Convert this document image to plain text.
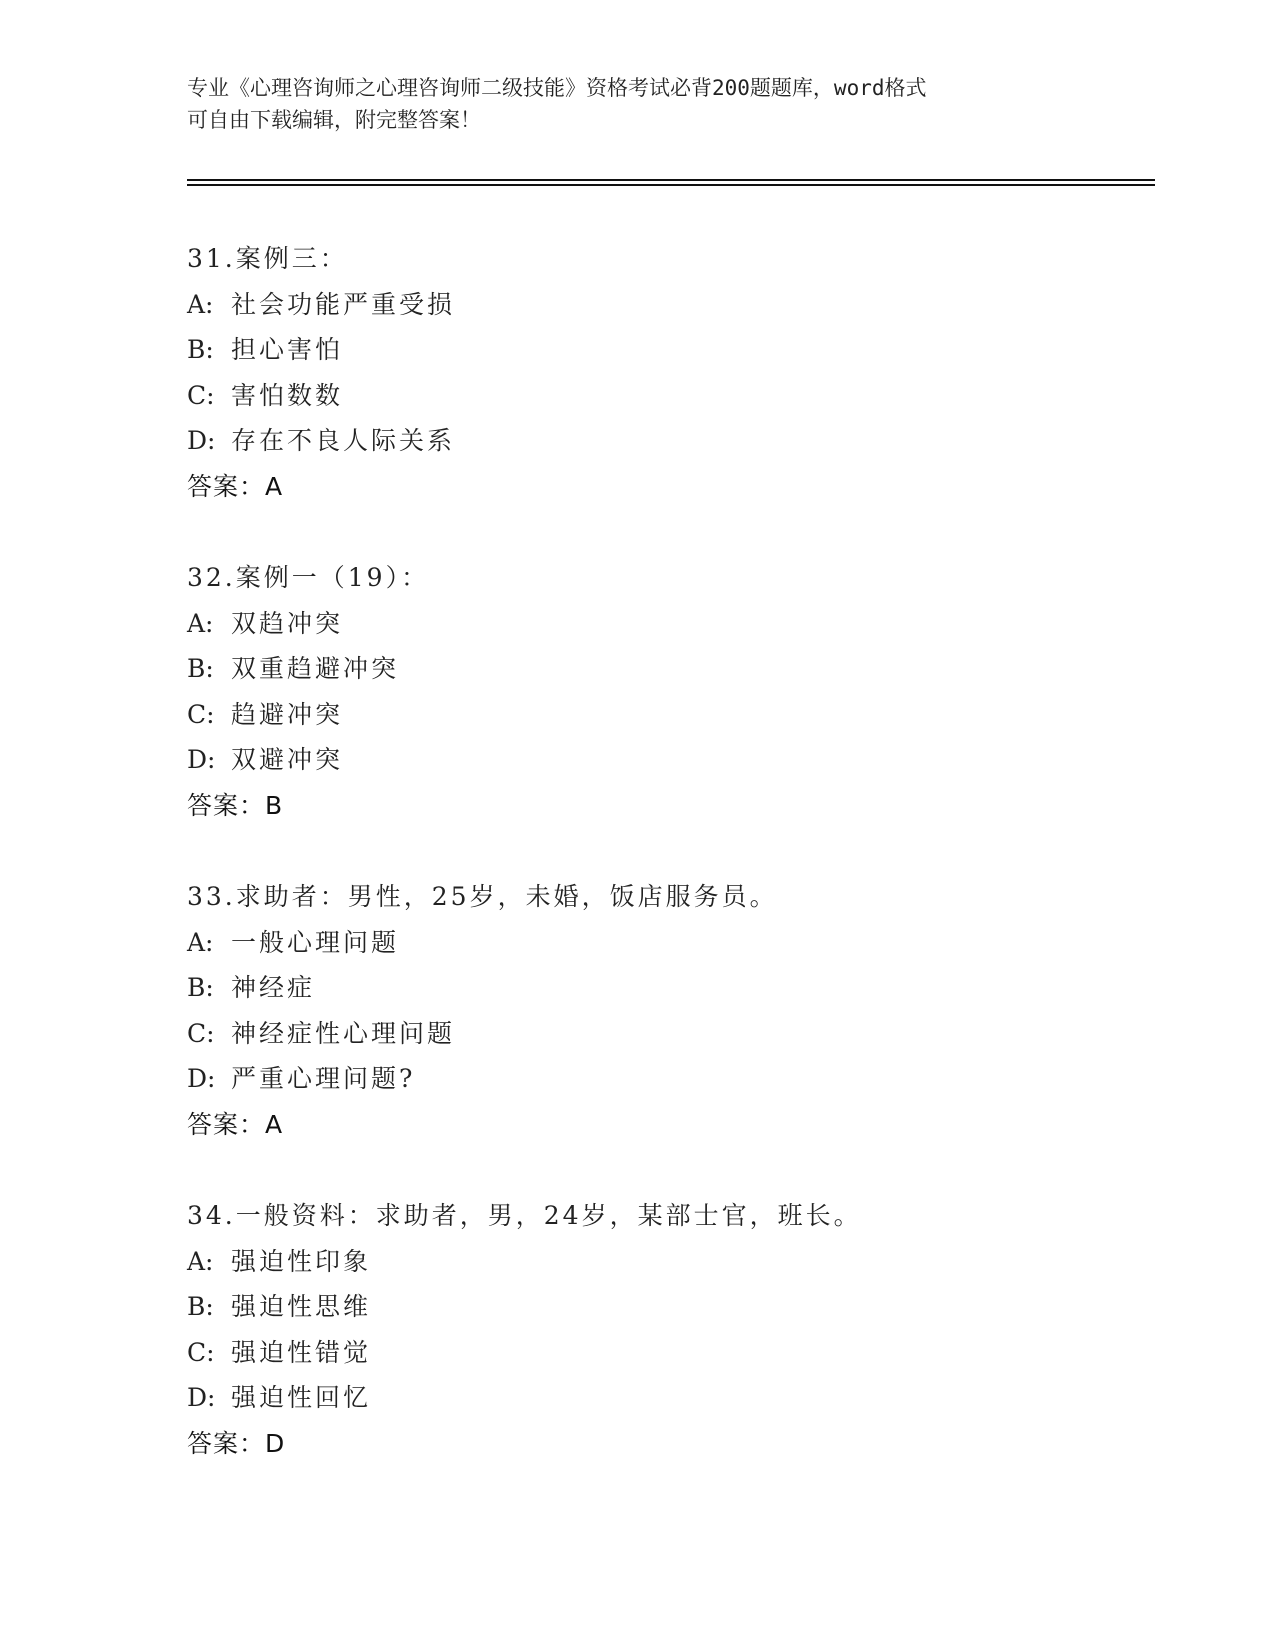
专业《心理咨询师之心理咨询师二级技能》资格考试必背200题题库，word格式
可自由下载编辑，附完整答案！
31.案例三：
A: 社会功能严重受损
B: 担心害怕
C: 害怕数数
D: 存在不良人际关系
答案：A
32.案例一（19）：
A: 双趋冲突
B: 双重趋避冲突
C: 趋避冲突
D: 双避冲突
答案：B
33.求助者：男性，25岁，未婚，饭店服务员。
A: 一般心理问题
B: 神经症
C: 神经症性心理问题
D: 严重心理问题?
答案：A
34.一般资料：求助者，男，24岁，某部士官，班长。
A: 强迫性印象
B: 强迫性思维
C: 强迫性错觉
D: 强迫性回忆
答案：D
